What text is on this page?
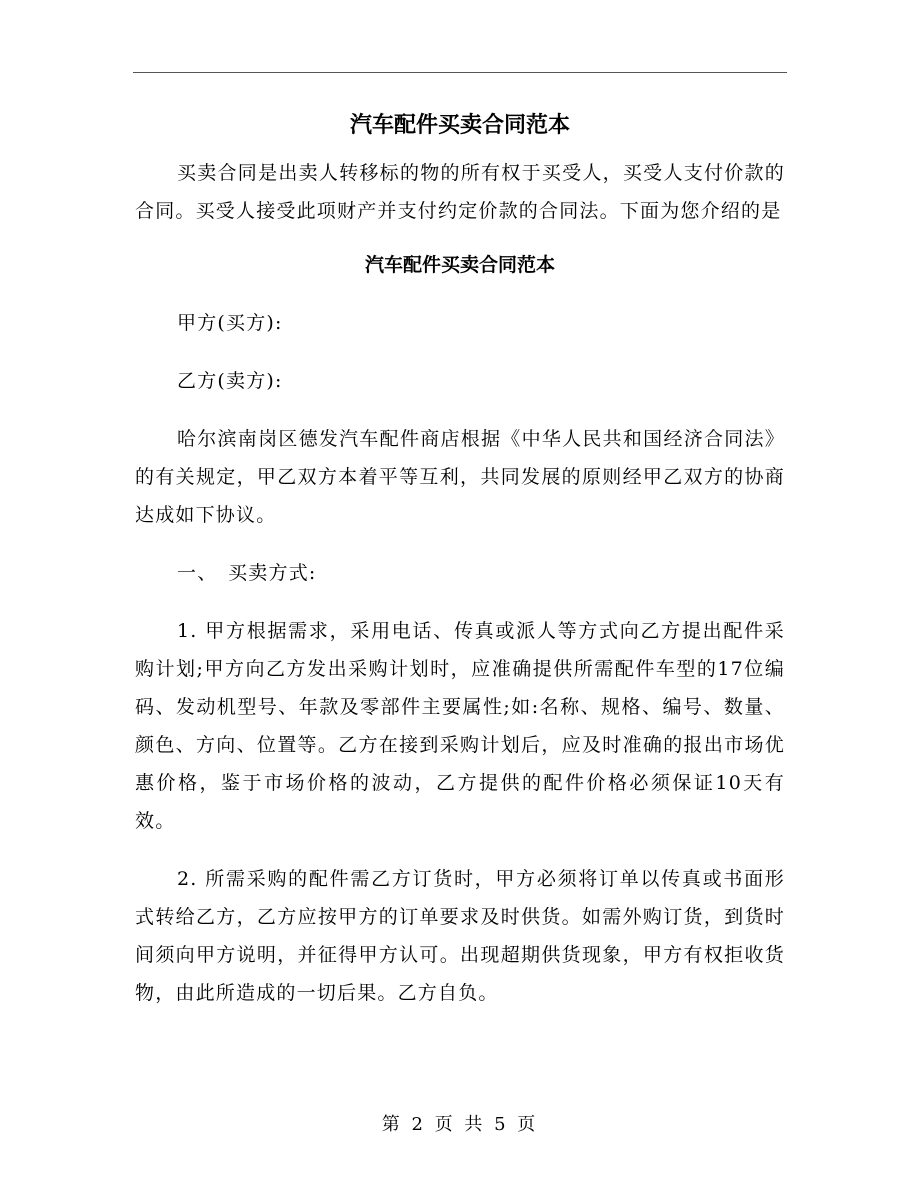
汽车配件买卖合同范本

买卖合同是出卖人转移标的物的所有权于买受人，买受人支付价款的合同。买受人接受此项财产并支付约定价款的合同法。下面为您介绍的是

汽车配件买卖合同范本

甲方(买方):

乙方(卖方):

哈尔滨南岗区德发汽车配件商店根据《中华人民共和国经济合同法》的有关规定，甲乙双方本着平等互利，共同发展的原则经甲乙双方的协商达成如下协议。

一、　买卖方式:

1. 甲方根据需求，采用电话、传真或派人等方式向乙方提出配件采购计划;甲方向乙方发出采购计划时，应准确提供所需配件车型的17位编码、发动机型号、年款及零部件主要属性;如:名称、规格、编号、数量、颜色、方向、位置等。乙方在接到采购计划后，应及时准确的报出市场优惠价格，鉴于市场价格的波动，乙方提供的配件价格必须保证10天有效。

2. 所需采购的配件需乙方订货时，甲方必须将订单以传真或书面形式转给乙方，乙方应按甲方的订单要求及时供货。如需外购订货，到货时间须向甲方说明，并征得甲方认可。出现超期供货现象，甲方有权拒收货物，由此所造成的一切后果。乙方自负。

第 2 页 共 5 页
